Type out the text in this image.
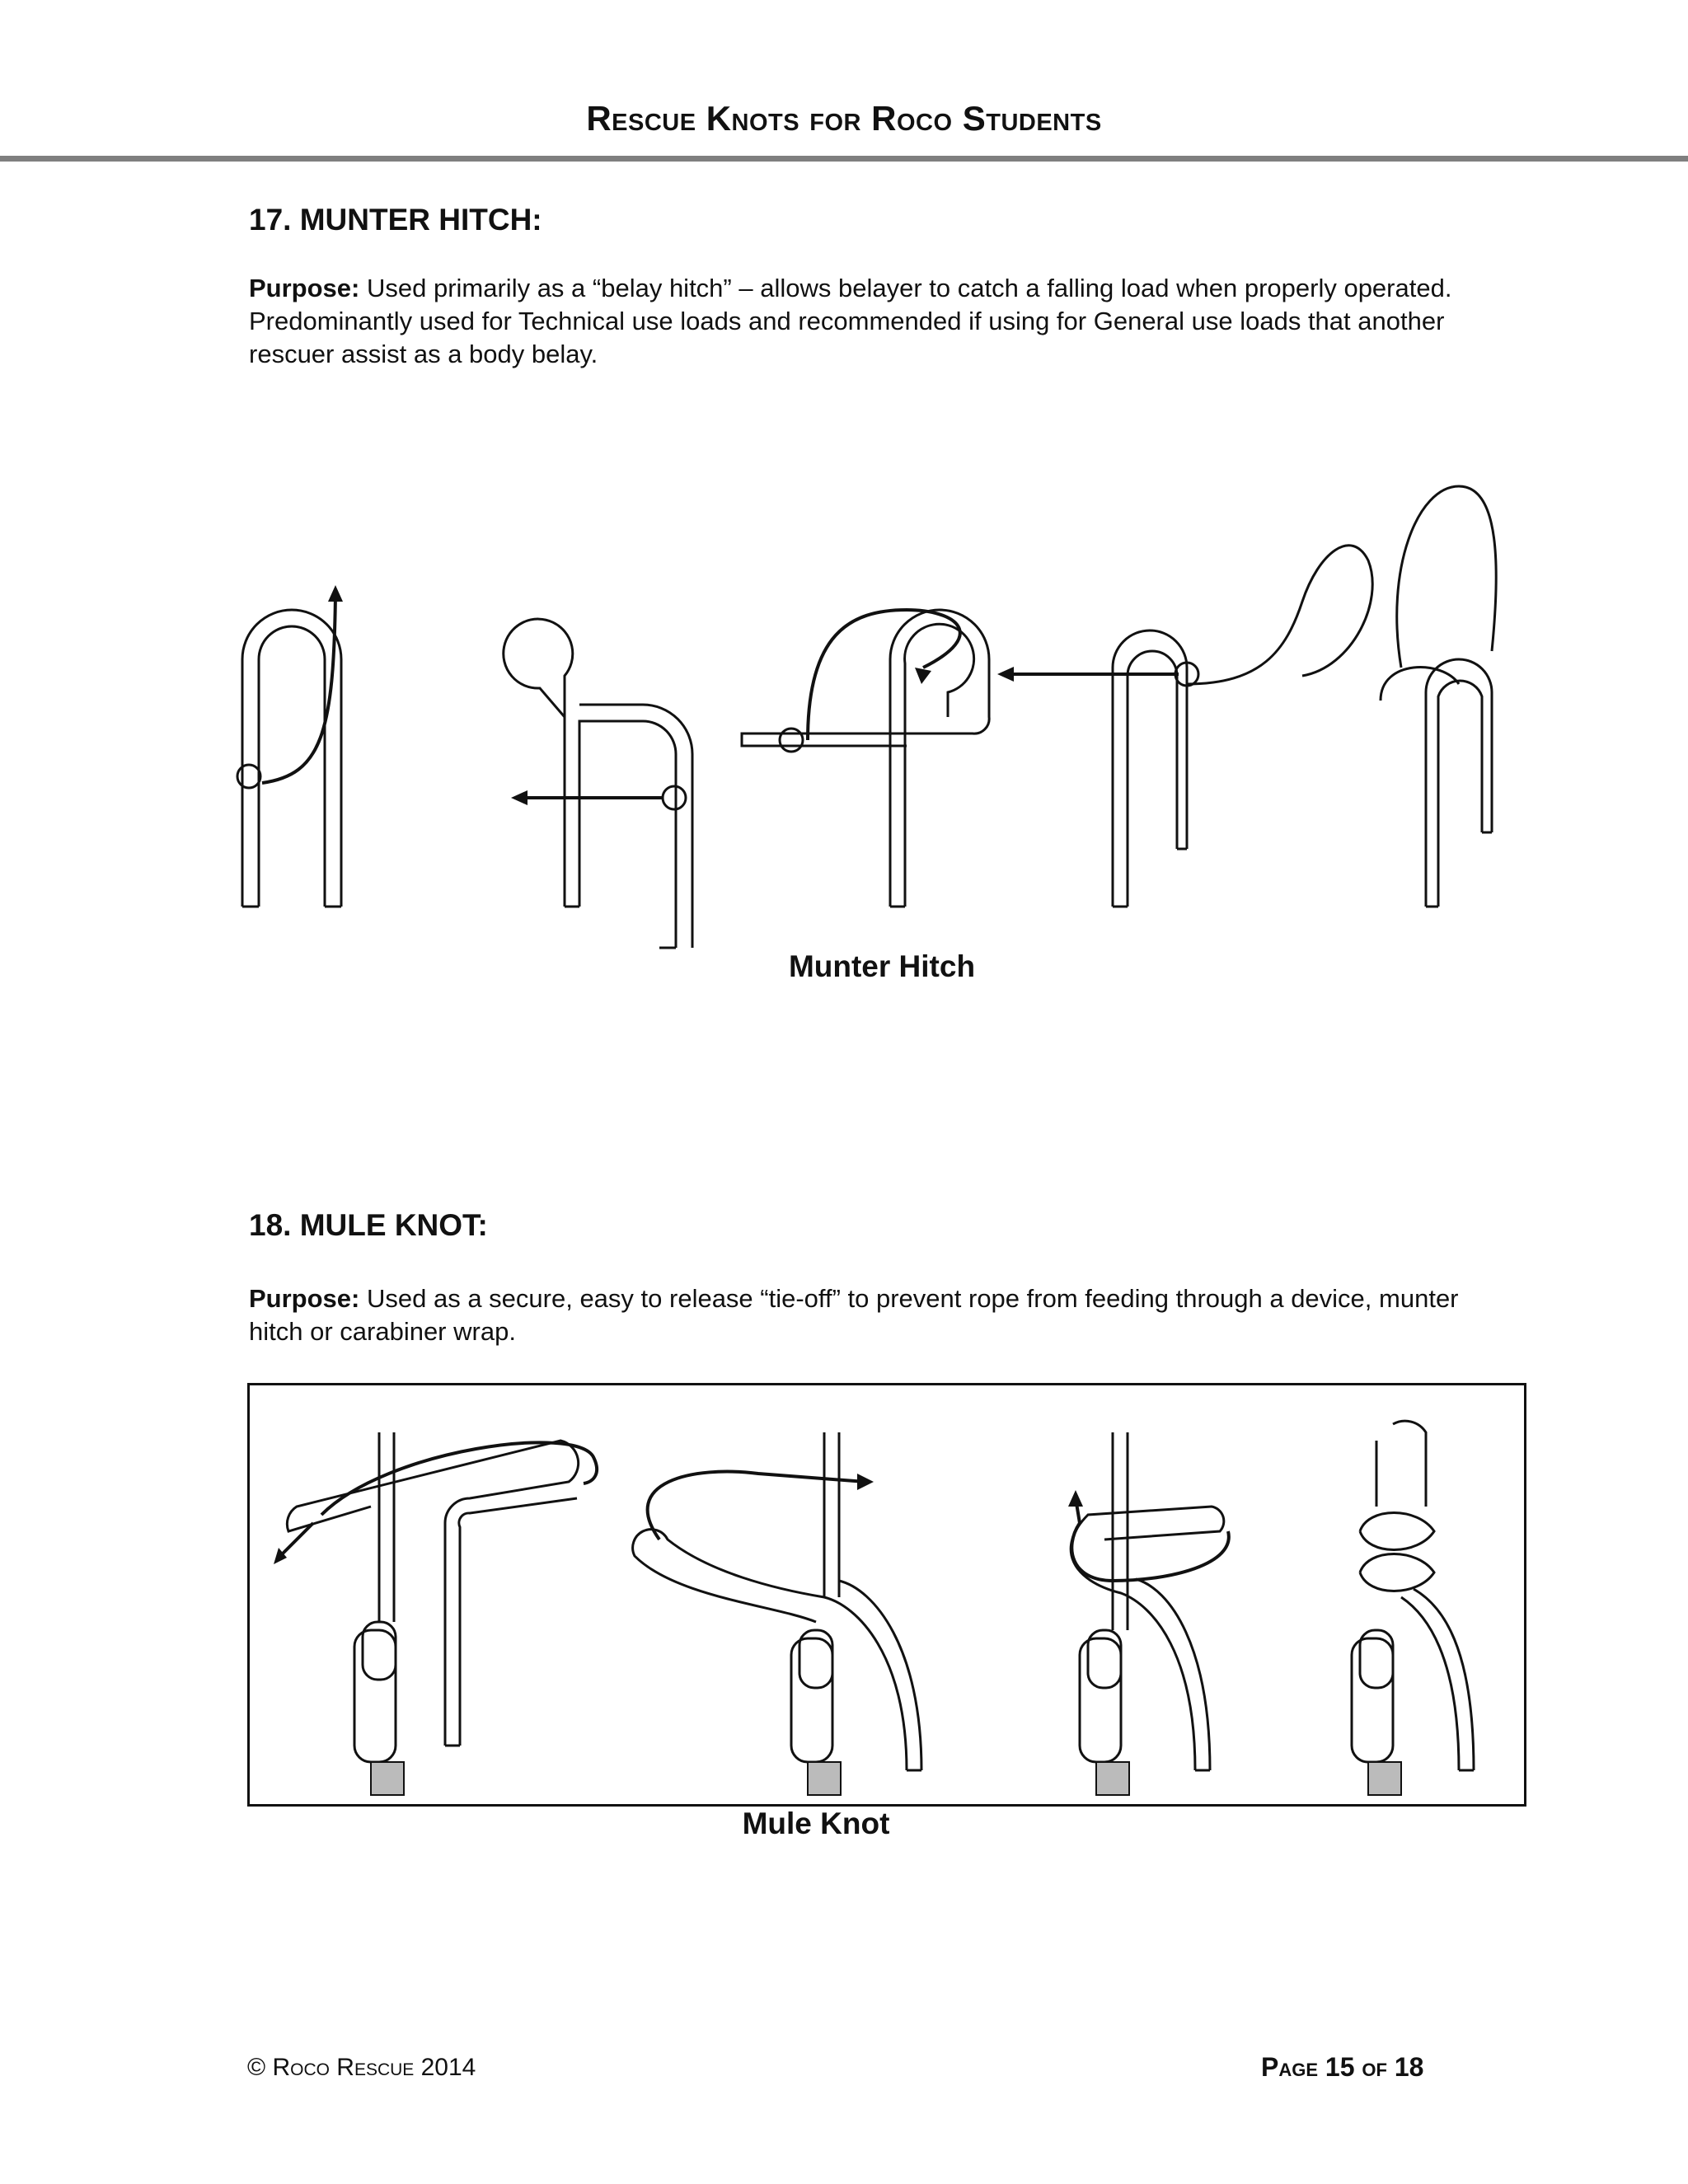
Rescue Knots for Roco Students
17. MUNTER HITCH:
Purpose: Used primarily as a “belay hitch” – allows belayer to catch a falling load when properly operated. Predominantly used for Technical use loads and recommended if using for General use loads that another rescuer assist as a body belay.
Munter Hitch
18. MULE KNOT:
Purpose: Used as a secure, easy to release “tie-off” to prevent rope from feeding through a device, munter hitch or carabiner wrap.
Mule Knot
© Roco Rescue 2014	Page 15 of 18
